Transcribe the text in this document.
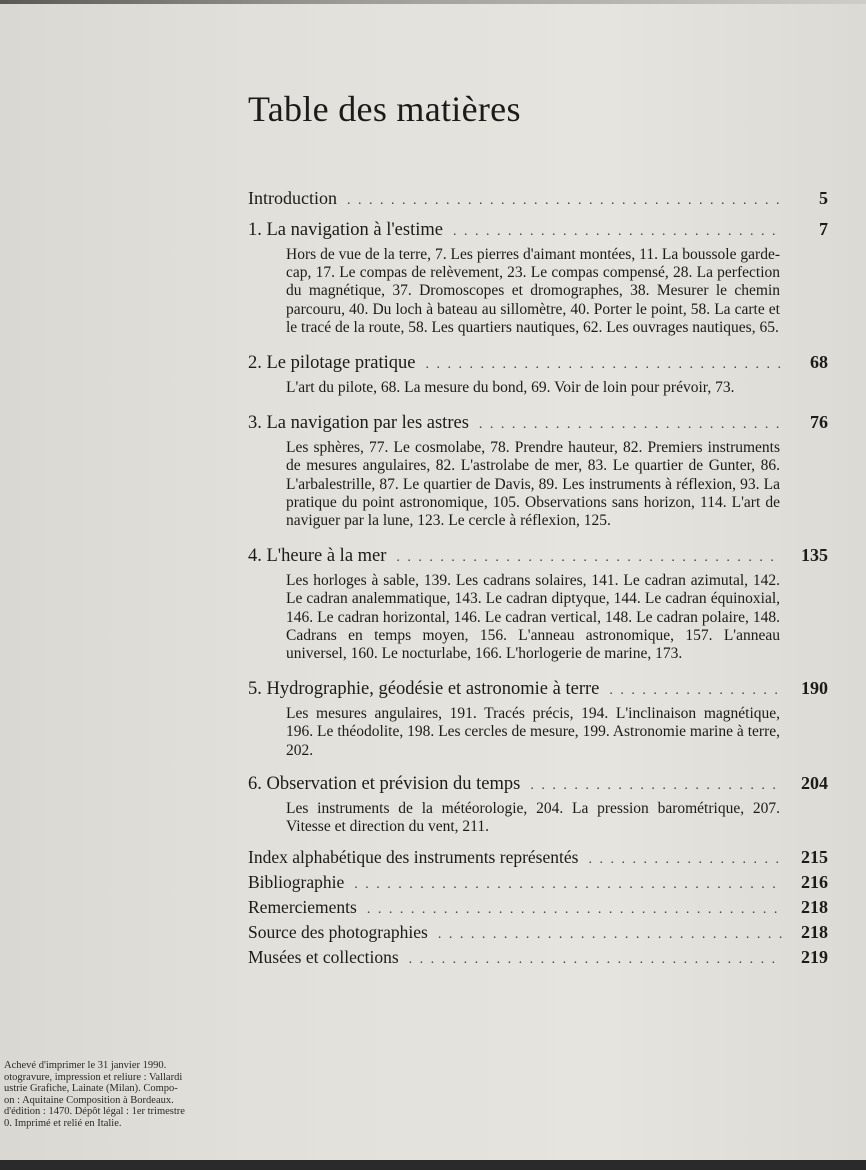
Table des matières
Introduction . . .	5
1. La navigation à l'estime . . .	7
Hors de vue de la terre, 7. Les pierres d'aimant montées, 11. La boussole garde-cap, 17. Le compas de relèvement, 23. Le compas compensé, 28. La perfection du magnétique, 37. Dromoscopes et dromographes, 38. Mesurer le chemin parcouru, 40. Du loch à bateau au sillomètre, 40. Porter le point, 58. La carte et le tracé de la route, 58. Les quartiers nautiques, 62. Les ouvrages nautiques, 65.
2. Le pilotage pratique . . .	68
L'art du pilote, 68. La mesure du bond, 69. Voir de loin pour prévoir, 73.
3. La navigation par les astres . . .	76
Les sphères, 77. Le cosmolabe, 78. Prendre hauteur, 82. Premiers instruments de mesures angulaires, 82. L'astrolabe de mer, 83. Le quartier de Gunter, 86. L'arbalestrille, 87. Le quartier de Davis, 89. Les instruments à réflexion, 93. La pratique du point astronomique, 105. Observations sans horizon, 114. L'art de naviguer par la lune, 123. Le cercle à réflexion, 125.
4. L'heure à la mer . . .	135
Les horloges à sable, 139. Les cadrans solaires, 141. Le cadran azimutal, 142. Le cadran analemmatique, 143. Le cadran diptyque, 144. Le cadran équinoxial, 146. Le cadran horizontal, 146. Le cadran vertical, 148. Le cadran polaire, 148. Cadrans en temps moyen, 156. L'anneau astronomique, 157. L'anneau universel, 160. Le nocturlabe, 166. L'horlogerie de marine, 173.
5. Hydrographie, géodésie et astronomie à terre . . .	190
Les mesures angulaires, 191. Tracés précis, 194. L'inclinaison magnétique, 196. Le théodolite, 198. Les cercles de mesure, 199. Astronomie marine à terre, 202.
6. Observation et prévision du temps . . .	204
Les instruments de la météorologie, 204. La pression barométrique, 207. Vitesse et direction du vent, 211.
Index alphabétique des instruments représentés . . .	215
Bibliographie . . .	216
Remerciements . . .	218
Source des photographies . . .	218
Musées et collections . . .	219
Achevé d'imprimer le 31 janvier 1990.
otogravure, impression et reliure : Vallardi
ustrie Grafiche, Lainate (Milan). Compo-
on : Aquitaine Composition à Bordeaux.
d'édition : 1470. Dépôt légal : 1er trimestre
0. Imprimé et relié en Italie.
